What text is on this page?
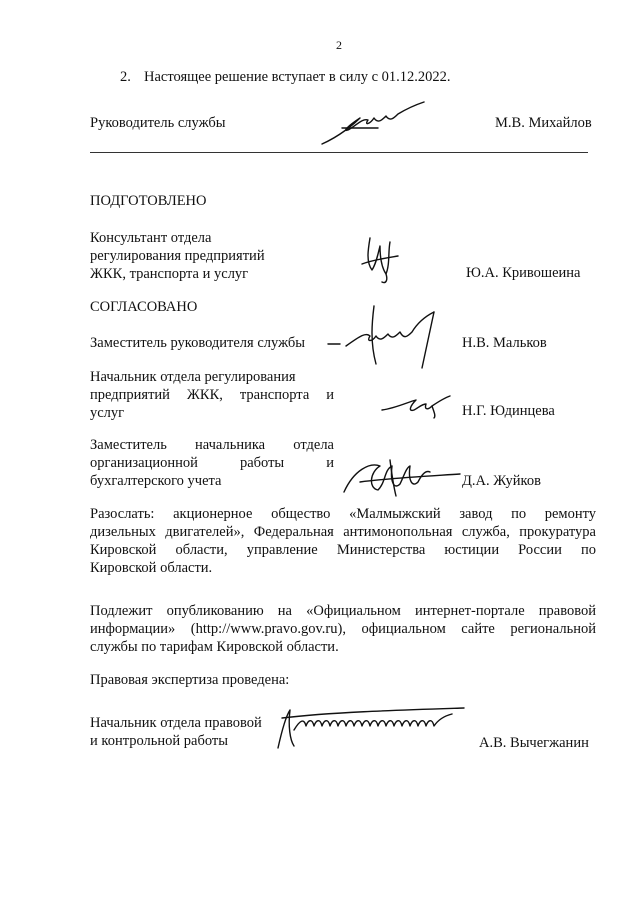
2
2. Настоящее решение вступает в силу с 01.12.2022.
Руководитель службы	М.В. Михайлов
ПОДГОТОВЛЕНО
Консультант отдела
регулирования предприятий
ЖКК, транспорта и услуг	Ю.А. Кривошеина
СОГЛАСОВАНО
Заместитель руководителя службы	Н.В. Мальков
Начальник отдела регулирования
предприятий ЖКК, транспорта и
услуг	Н.Г. Юдинцева
Заместитель начальника отдела
организационной работы и
бухгалтерского учета	Д.А. Жуйков
Разослать: акционерное общество «Малмыжский завод по ремонту
дизельных двигателей», Федеральная антимонопольная служба, прокуратура
Кировской области, управление Министерства юстиции России по
Кировской области.
Подлежит опубликованию на «Официальном интернет-портале правовой
информации» (http://www.pravo.gov.ru), официальном сайте региональной
службы по тарифам Кировской области.
Правовая экспертиза проведена:
Начальник отдела правовой
и контрольной работы	А.В. Вычегжанин
